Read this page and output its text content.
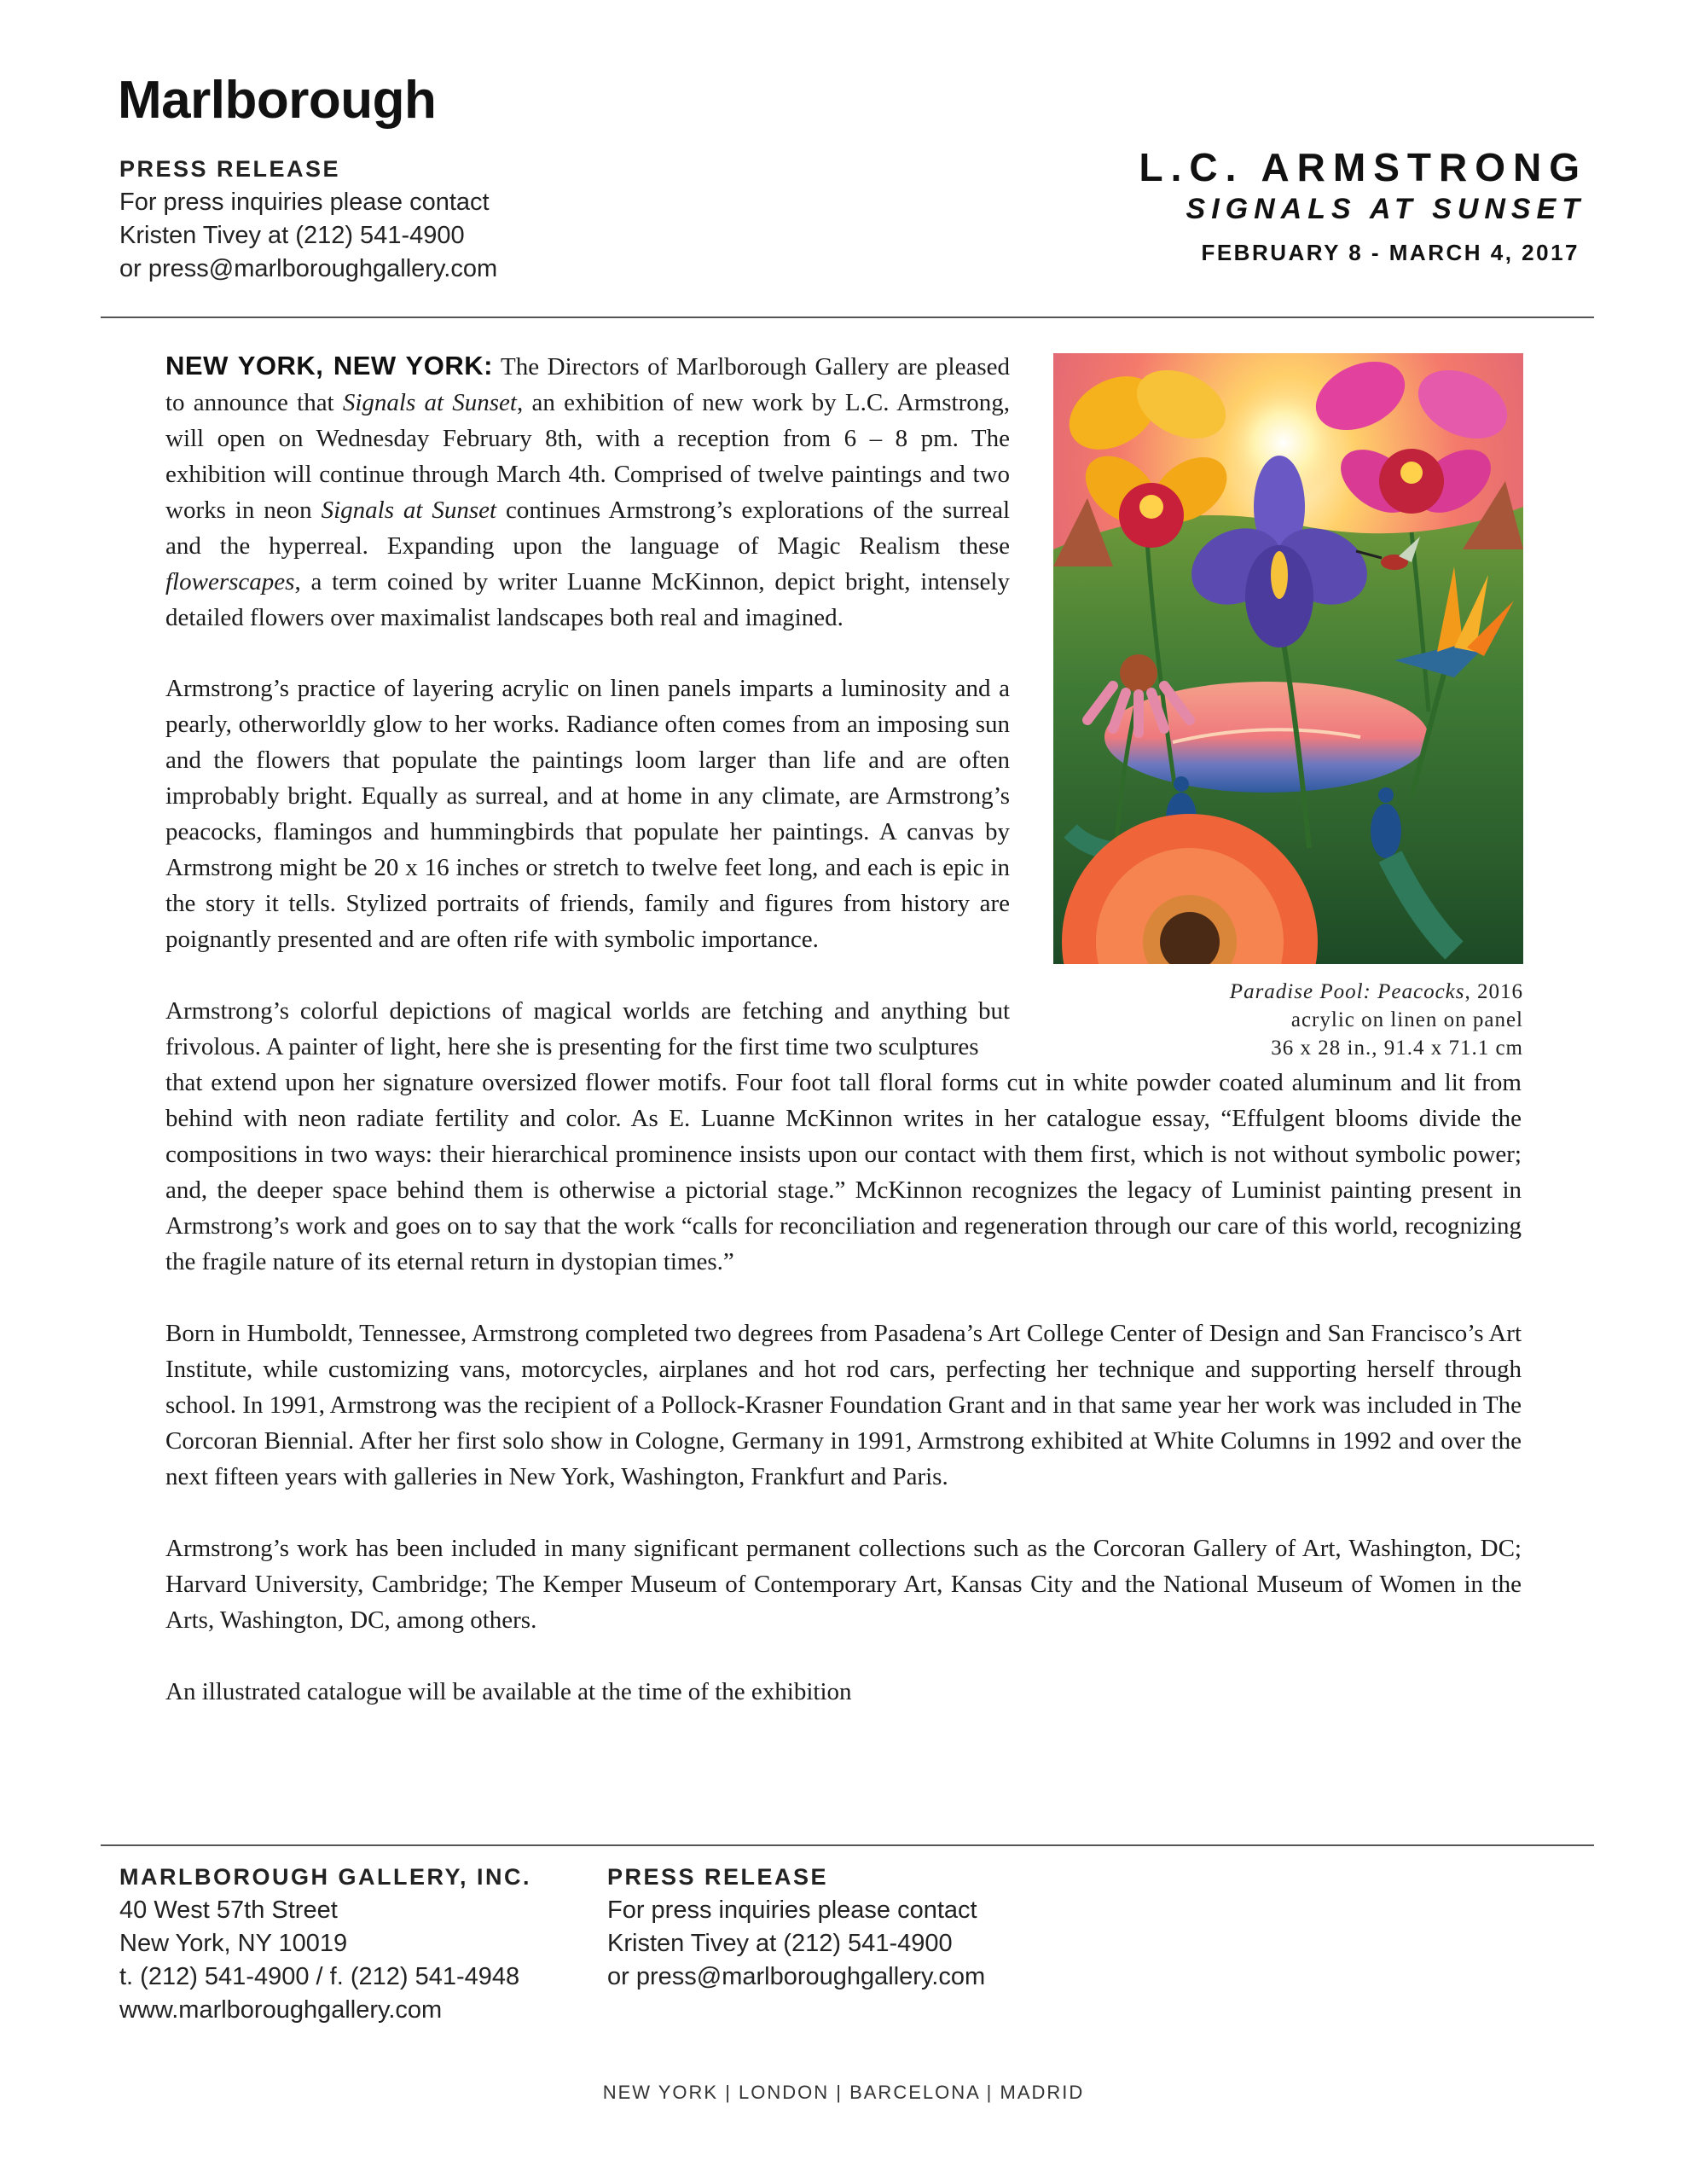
Marlborough
PRESS RELEASE
For press inquiries please contact
Kristen Tivey at (212) 541-4900
or press@marlboroughgallery.com
L.C. ARMSTRONG
SIGNALS AT SUNSET
FEBRUARY 8 - MARCH 4, 2017
NEW YORK, NEW YORK: The Directors of Marlborough Gallery are pleased to announce that Signals at Sunset, an exhibition of new work by L.C. Armstrong, will open on Wednesday February 8th, with a reception from 6 – 8 pm. The exhibition will continue through March 4th. Comprised of twelve paintings and two works in neon Signals at Sunset continues Armstrong’s explorations of the surreal and the hyperreal. Expanding upon the language of Magic Realism these flowerscapes, a term coined by writer Luanne McKinnon, depict bright, intensely detailed flowers over maximalist landscapes both real and imagined.
Armstrong’s practice of layering acrylic on linen panels imparts a luminosity and a pearly, otherworldly glow to her works. Radiance often comes from an imposing sun and the flowers that populate the paintings loom larger than life and are often improbably bright. Equally as surreal, and at home in any climate, are Armstrong’s peacocks, flamingos and hummingbirds that populate her paintings. A canvas by Armstrong might be 20 x 16 inches or stretch to twelve feet long, and each is epic in the story it tells. Stylized portraits of friends, family and figures from history are poignantly presented and are often rife with symbolic importance.
Armstrong’s colorful depictions of magical worlds are fetching and anything but frivolous. A painter of light, here she is presenting for the first time two sculptures
that extend upon her signature oversized flower motifs. Four foot tall floral forms cut in white powder coated aluminum and lit from behind with neon radiate fertility and color. As E. Luanne McKinnon writes in her catalogue essay, “Effulgent blooms divide the compositions in two ways: their hierarchical prominence insists upon our contact with them first, which is not without symbolic power; and, the deeper space behind them is otherwise a pictorial stage.” McKinnon recognizes the legacy of Luminist painting present in Armstrong’s work and goes on to say that the work “calls for reconciliation and regeneration through our care of this world, recognizing the fragile nature of its eternal return in dystopian times.”
Born in Humboldt, Tennessee, Armstrong completed two degrees from Pasadena’s Art College Center of Design and San Francisco’s Art Institute, while customizing vans, motorcycles, airplanes and hot rod cars, perfecting her technique and supporting herself through school. In 1991, Armstrong was the recipient of a Pollock-Krasner Foundation Grant and in that same year her work was included in The Corcoran Biennial. After her first solo show in Cologne, Germany in 1991, Armstrong exhibited at White Columns in 1992 and over the next fifteen years with galleries in New York, Washington, Frankfurt and Paris.
Armstrong’s work has been included in many significant permanent collections such as the Corcoran Gallery of Art, Washington, DC; Harvard University, Cambridge; The Kemper Museum of Contemporary Art, Kansas City and the National Museum of Women in the Arts, Washington, DC, among others.
An illustrated catalogue will be available at the time of the exhibition
Paradise Pool: Peacocks, 2016
acrylic on linen on panel
36 x 28 in., 91.4 x 71.1 cm
MARLBOROUGH GALLERY, INC.
40 West 57th Street
New York, NY 10019
t. (212) 541-4900 / f. (212) 541-4948
www.marlboroughgallery.com
PRESS RELEASE
For press inquiries please contact
Kristen Tivey at (212) 541-4900
or press@marlboroughgallery.com
NEW YORK | LONDON | BARCELONA | MADRID
